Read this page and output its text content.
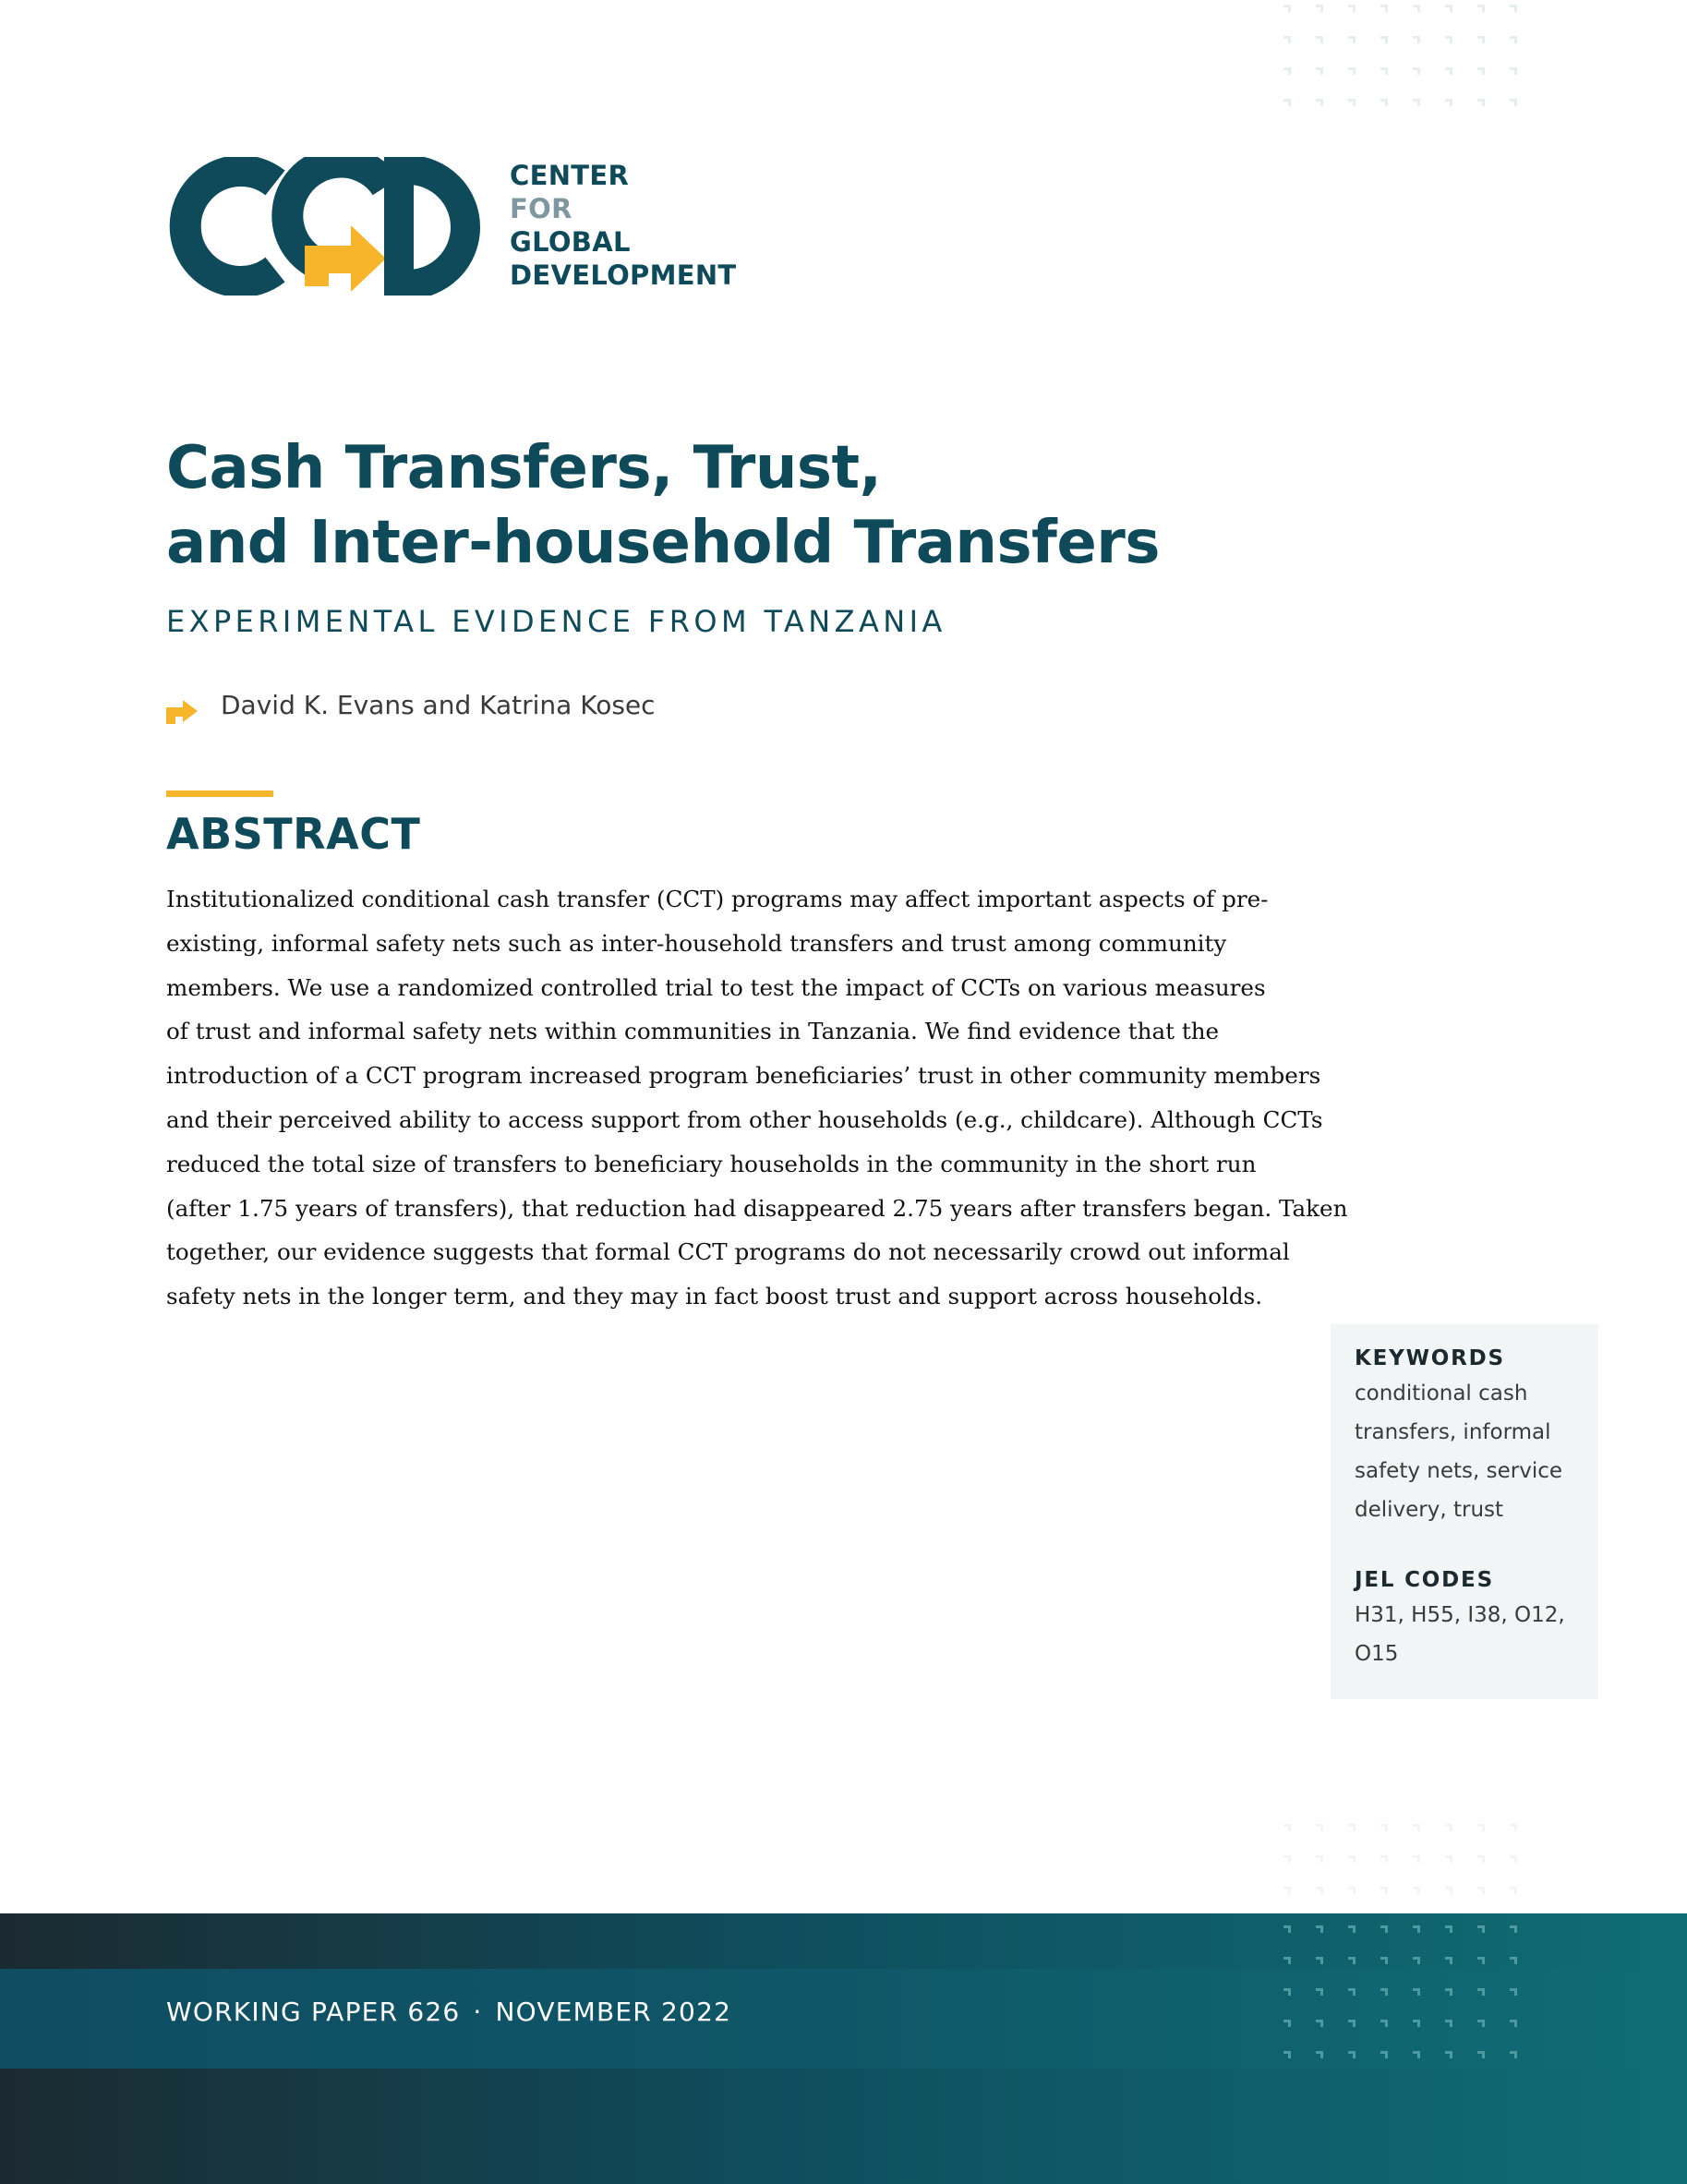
CENTER
FOR
GLOBAL
DEVELOPMENT
Cash Transfers, Trust,
and Inter-household Transfers
EXPERIMENTAL EVIDENCE FROM TANZANIA
David K. Evans and Katrina Kosec
ABSTRACT
Institutionalized conditional cash transfer (CCT) programs may affect important aspects of pre-
existing, informal safety nets such as inter-household transfers and trust among community
members. We use a randomized controlled trial to test the impact of CCTs on various measures
of trust and informal safety nets within communities in Tanzania. We find evidence that the
introduction of a CCT program increased program beneficiaries’ trust in other community members
and their perceived ability to access support from other households (e.g., childcare). Although CCTs
reduced the total size of transfers to beneficiary households in the community in the short run
(after 1.75 years of transfers), that reduction had disappeared 2.75 years after transfers began. Taken
together, our evidence suggests that formal CCT programs do not necessarily crowd out informal
safety nets in the longer term, and they may in fact boost trust and support across households.
KEYWORDS
conditional cash
transfers, informal
safety nets, service
delivery, trust
JEL CODES
H31, H55, I38, O12,
O15
WORKING PAPER 626 · NOVEMBER 2022
